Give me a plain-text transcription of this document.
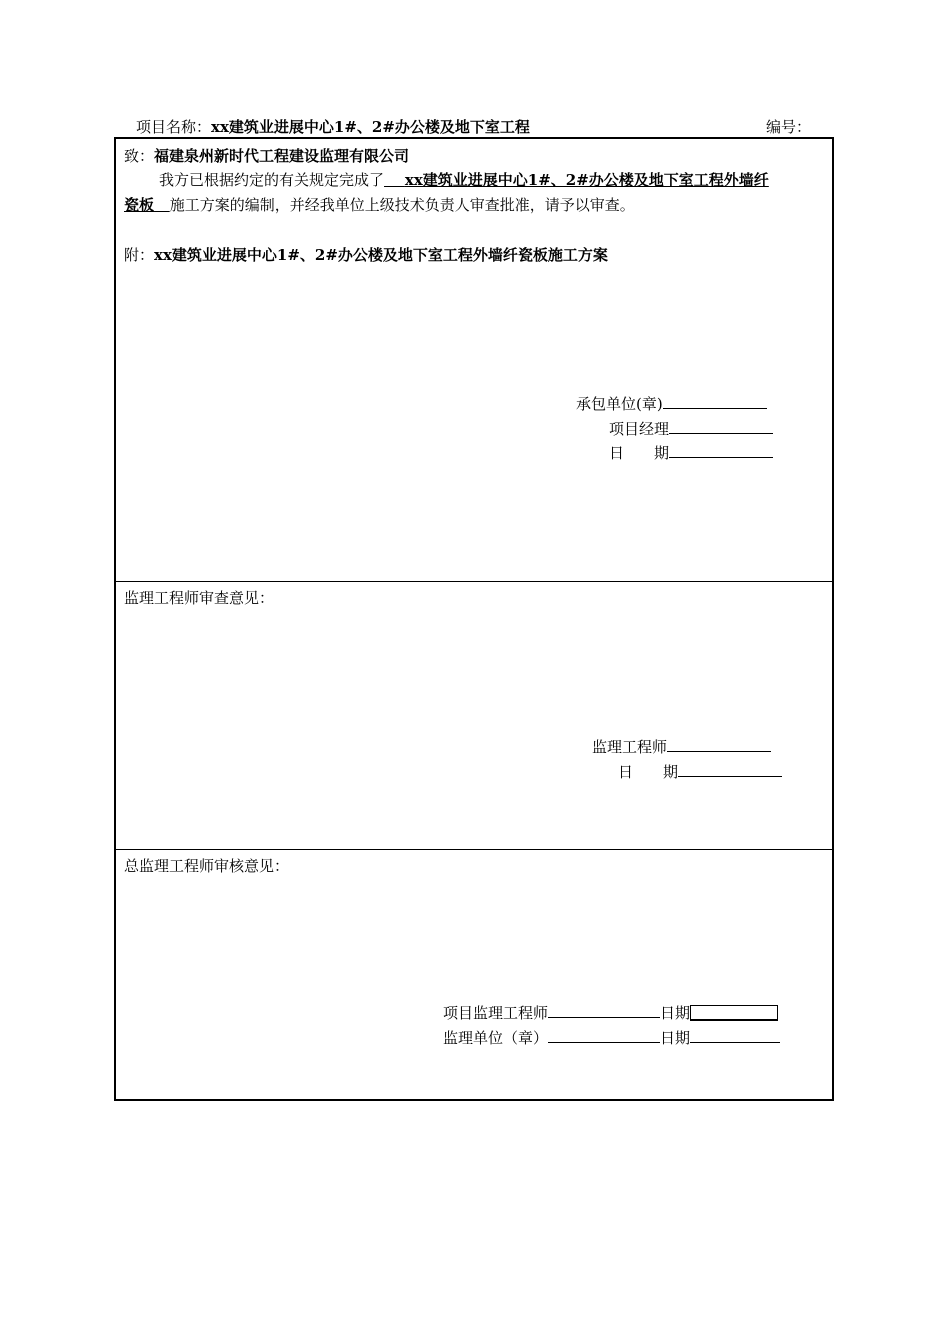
项目名称：xx建筑业进展中心1#、2#办公楼及地下室工程	编号：
致：福建泉州新时代工程建设监理有限公司
我方已根据约定的有关规定完成了 xx建筑业进展中心1#、2#办公楼及地下室工程外墙纤
瓷板 施工方案的编制，并经我单位上级技术负责人审查批准，请予以审查。
附：xx建筑业进展中心1#、2#办公楼及地下室工程外墙纤瓷板施工方案
承包单位(章)
项目经理
日　　期
监理工程师审查意见：
监理工程师
日　　期
总监理工程师审核意见：
项目监理工程师	日期
监理单位（章）	日期
